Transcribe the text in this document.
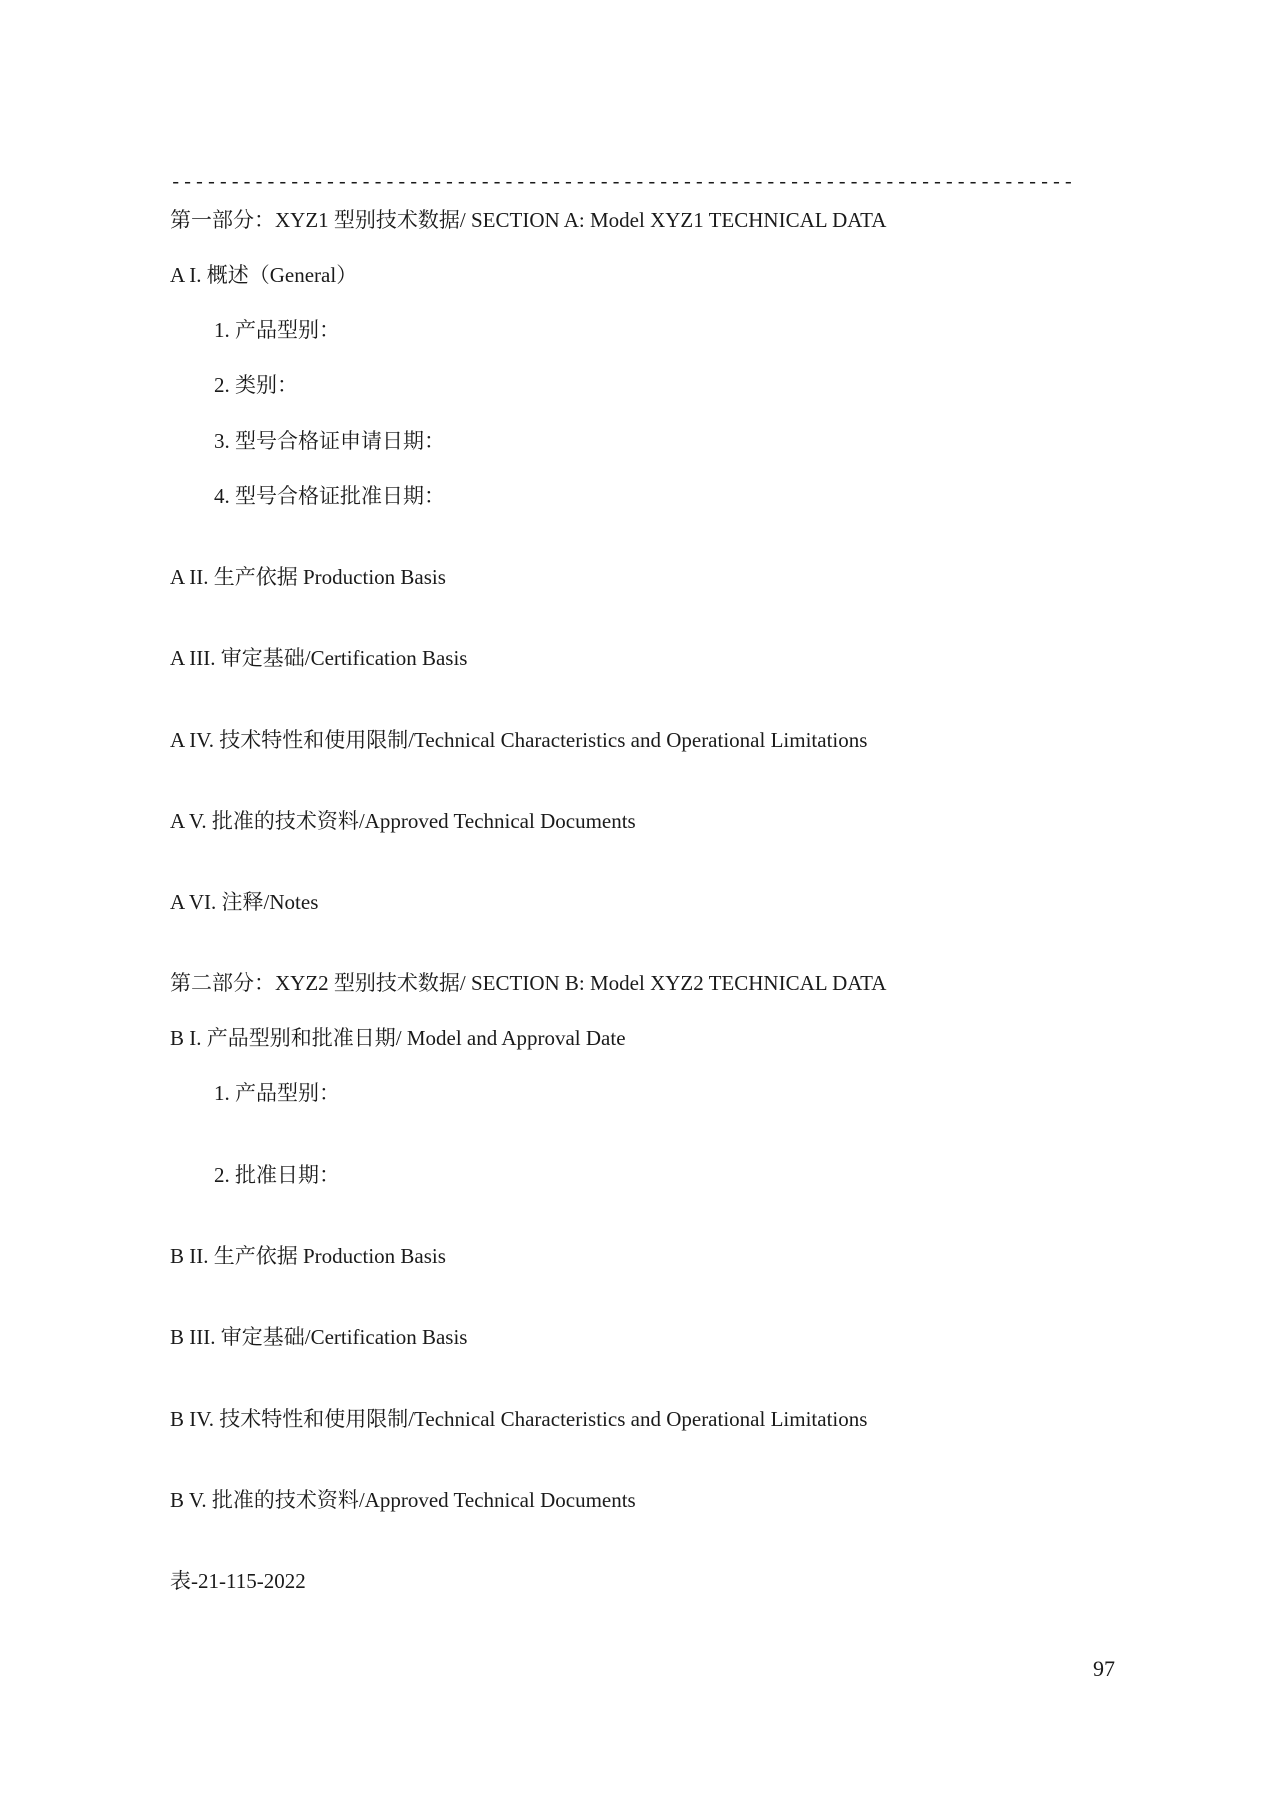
----------------------------------------------------------------------------
第一部分：XYZ1 型别技术数据/ SECTION A: Model XYZ1 TECHNICAL DATA
A I. 概述（General）
1. 产品型别：
2. 类别：
3. 型号合格证申请日期：
4. 型号合格证批准日期：
A II. 生产依据 Production Basis
A III. 审定基础/Certification Basis
A IV. 技术特性和使用限制/Technical Characteristics and Operational Limitations
A V. 批准的技术资料/Approved Technical Documents
A VI. 注释/Notes
第二部分：XYZ2 型别技术数据/ SECTION B: Model XYZ2 TECHNICAL DATA
B I. 产品型别和批准日期/ Model and Approval Date
1. 产品型别：
2. 批准日期：
B II. 生产依据 Production Basis
B III. 审定基础/Certification Basis
B IV. 技术特性和使用限制/Technical Characteristics and Operational Limitations
B V. 批准的技术资料/Approved Technical Documents
表-21-115-2022
97
